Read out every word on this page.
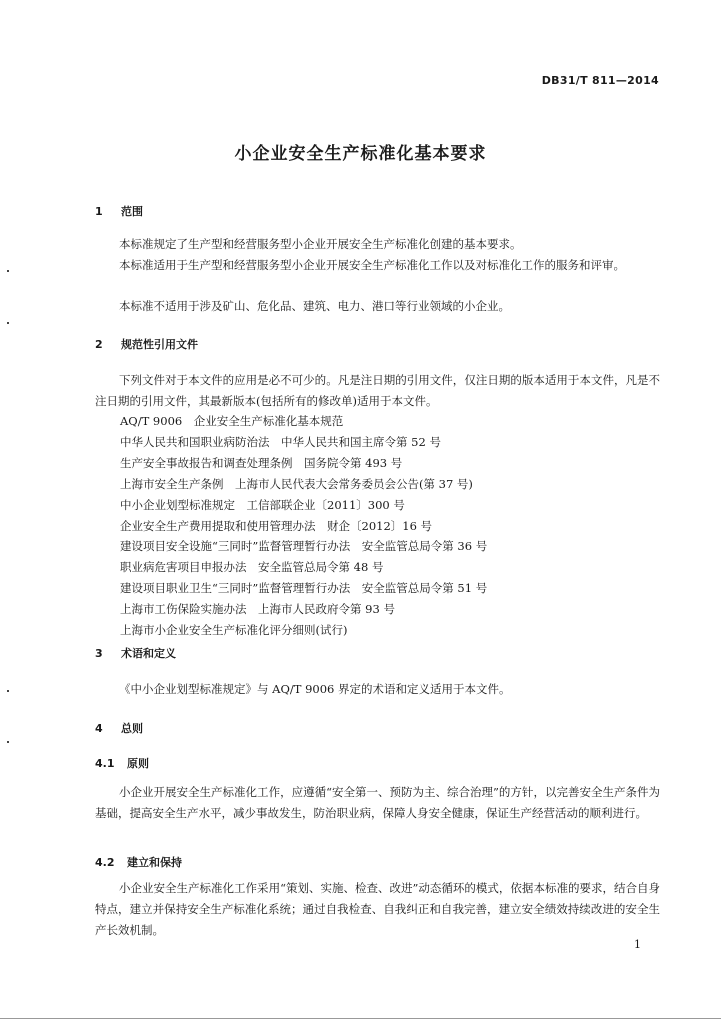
DB31/T 811—2014
小企业安全生产标准化基本要求
1 范围

本标准规定了生产型和经营服务型小企业开展安全生产标准化创建的基本要求。

本标准适用于生产型和经营服务型小企业开展安全生产标准化工作以及对标准化工作的服务和评审。

本标准不适用于涉及矿山、危化品、建筑、电力、港口等行业领域的小企业。

2 规范性引用文件

下列文件对于本文件的应用是必不可少的。凡是注日期的引用文件，仅注日期的版本适用于本文件，凡是不注日期的引用文件，其最新版本(包括所有的修改单)适用于本文件。

AQ/T 9006　企业安全生产标准化基本规范
中华人民共和国职业病防治法　中华人民共和国主席令第 52 号
生产安全事故报告和调查处理条例　国务院令第 493 号
上海市安全生产条例　上海市人民代表大会常务委员会公告(第 37 号)
中小企业划型标准规定　工信部联企业〔2011〕300 号
企业安全生产费用提取和使用管理办法　财企〔2012〕16 号
建设项目安全设施“三同时”监督管理暂行办法　安全监管总局令第 36 号
职业病危害项目申报办法　安全监管总局令第 48 号
建设项目职业卫生“三同时”监督管理暂行办法　安全监管总局令第 51 号
上海市工伤保险实施办法　上海市人民政府令第 93 号
上海市小企业安全生产标准化评分细则(试行)
3 术语和定义

《中小企业划型标准规定》与 AQ/T 9006 界定的术语和定义适用于本文件。

4 总则
4.1 原则

小企业开展安全生产标准化工作，应遵循“安全第一、预防为主、综合治理”的方针，以完善安全生产条件为基础，提高安全生产水平，减少事故发生，防治职业病，保障人身安全健康，保证生产经营活动的顺利进行。

4.2 建立和保持

小企业安全生产标准化工作采用“策划、实施、检查、改进”动态循环的模式，依据本标准的要求，结合自身特点，建立并保持安全生产标准化系统；通过自我检查、自我纠正和自我完善，建立安全绩效持续改进的安全生产长效机制。

1
